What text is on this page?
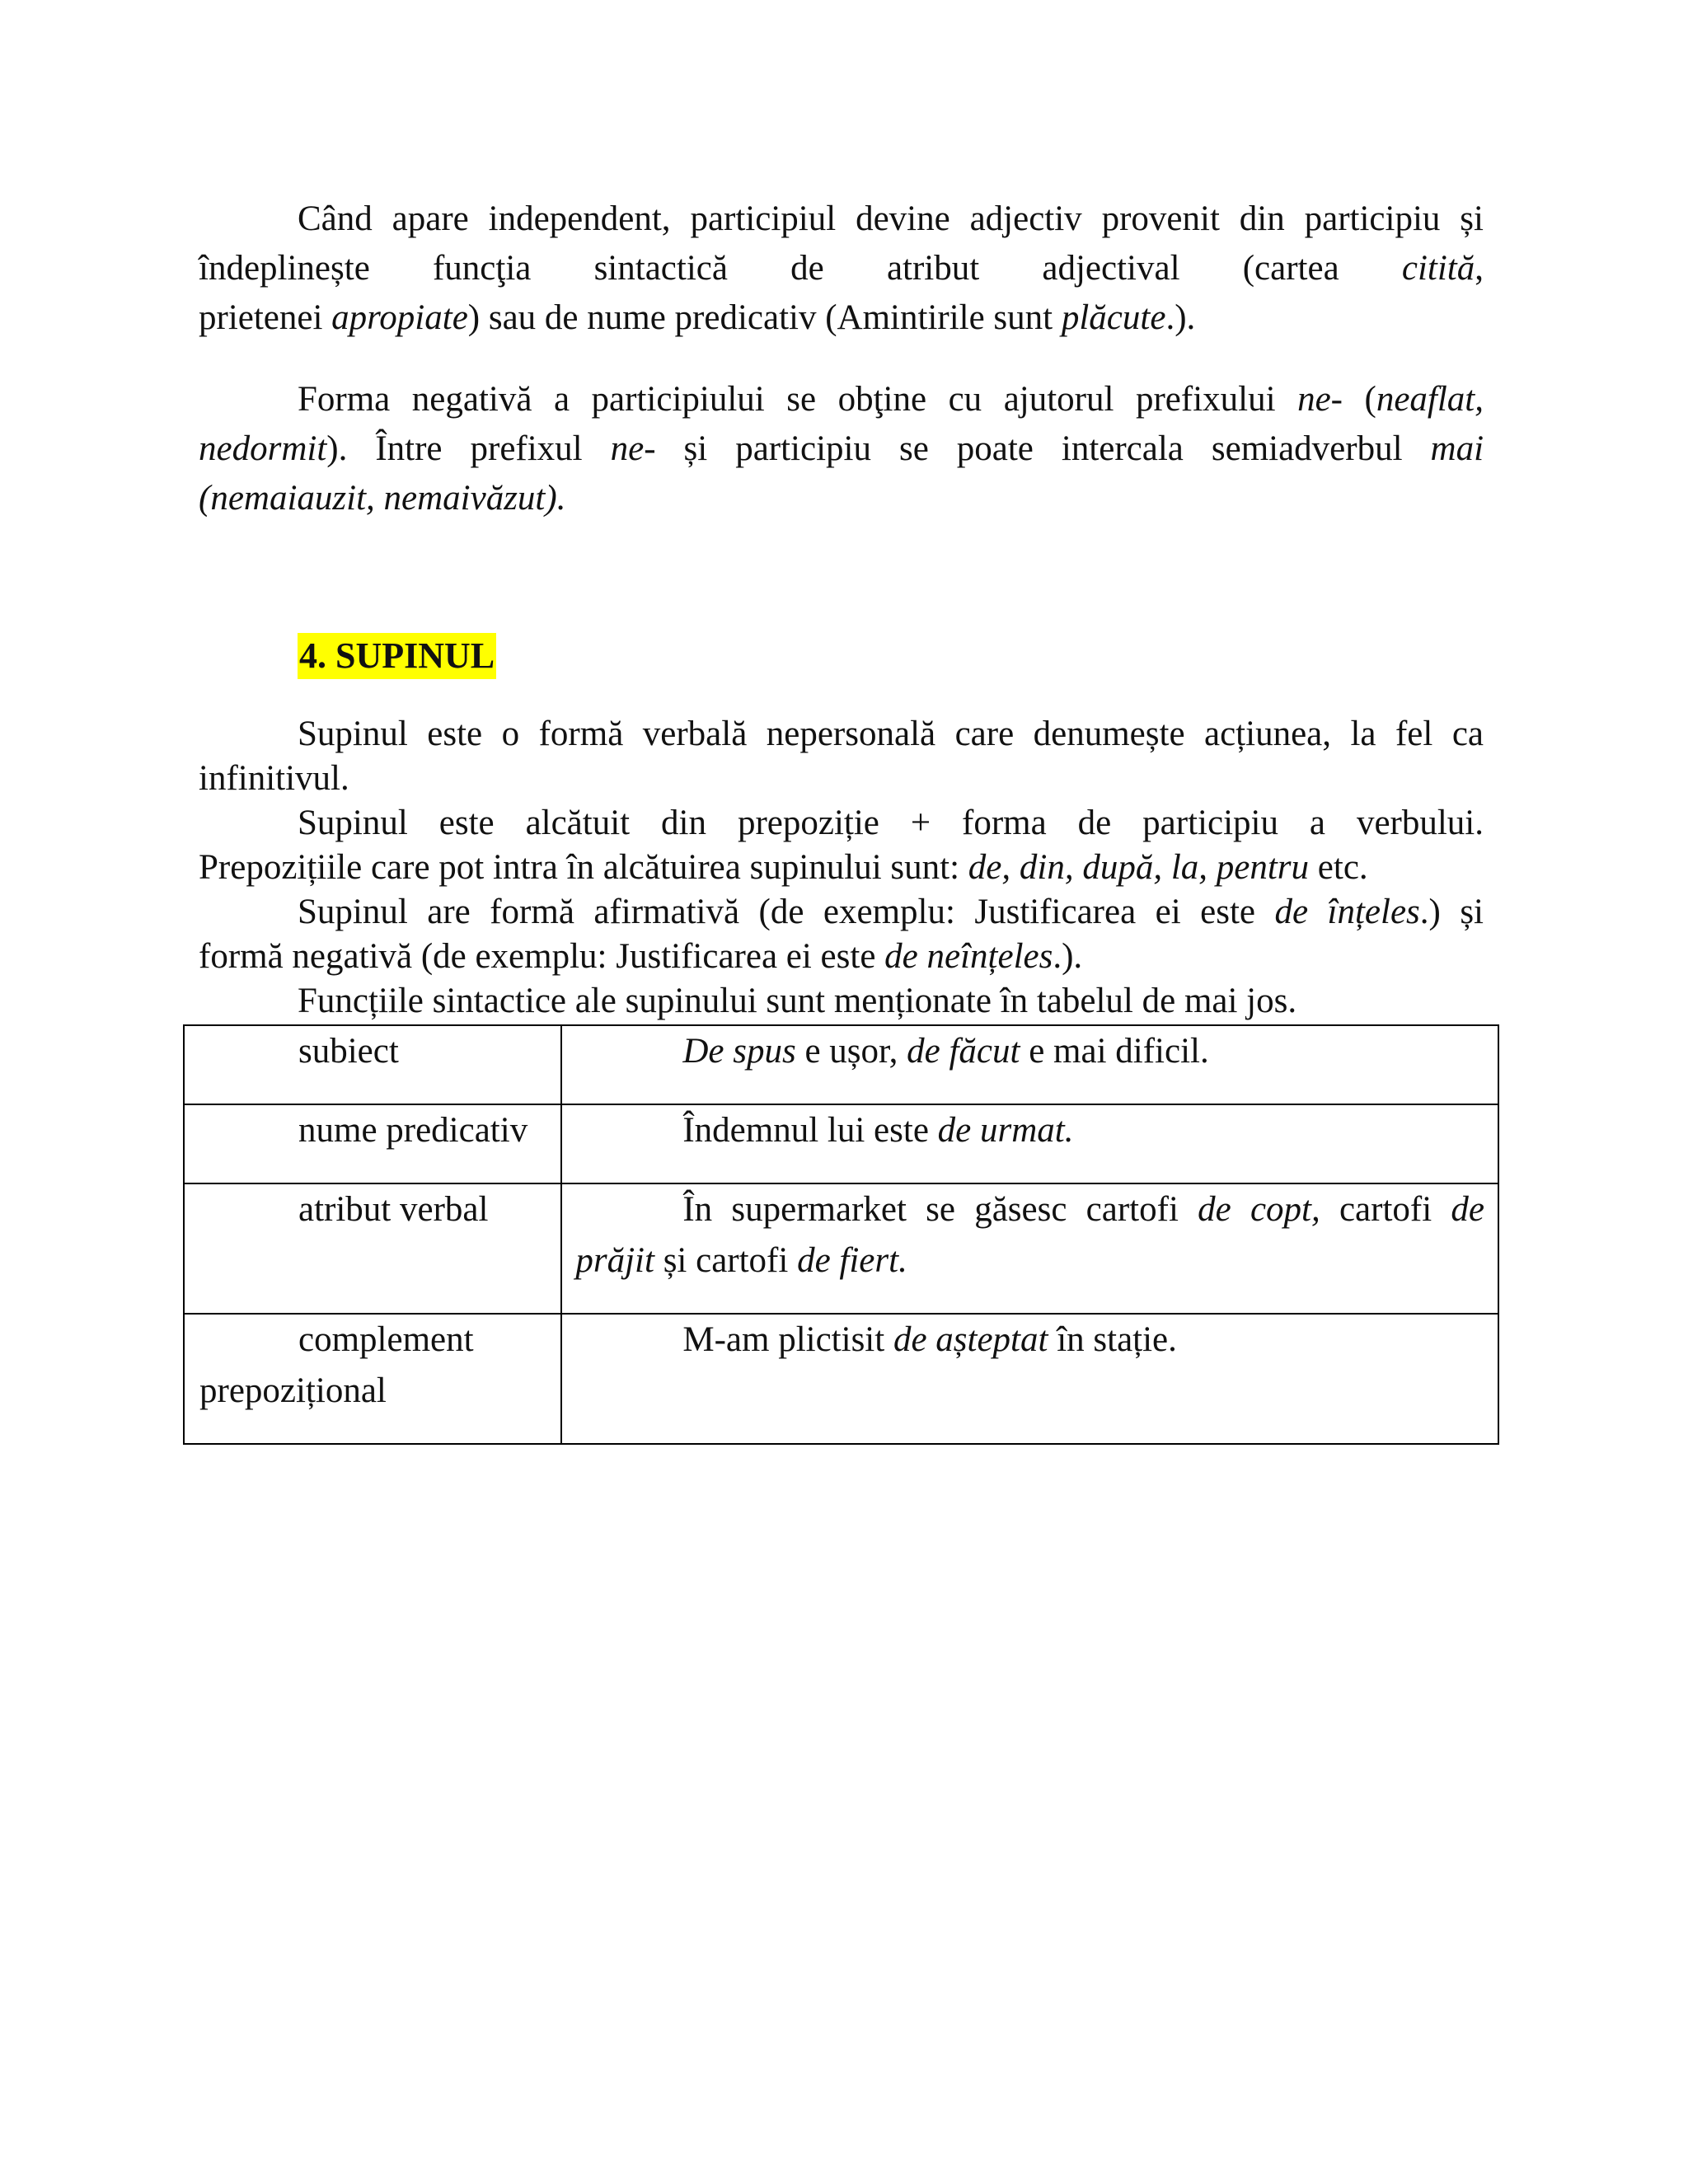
Când apare independent, participiul devine adjectiv provenit din participiu și
îndeplinește funcţia sintactică de atribut adjectival (cartea citită,
prietenei apropiate) sau de nume predicativ (Amintirile sunt plăcute.).
Forma negativă a participiului se obţine cu ajutorul prefixului ne- (neaflat,
nedormit). Între prefixul ne- și participiu se poate intercala semiadverbul mai
(nemaiauzit, nemaivăzut).
4. SUPINUL
Supinul este o formă verbală nepersonală care denumește acțiunea, la fel ca
infinitivul.
Supinul este alcătuit din prepoziție + forma de participiu a verbului.
Prepozițiile care pot intra în alcătuirea supinului sunt: de, din, după, la, pentru etc.
Supinul are formă afirmativă (de exemplu: Justificarea ei este de înțeles.) și
formă negativă (de exemplu: Justificarea ei este de neînțeles.).
Funcțiile sintactice ale supinului sunt menționate în tabelul de mai jos.
subiect	De spus e ușor, de făcut e mai dificil.

nume predicativ	Îndemnul lui este de urmat.

atribut verbal	În supermarket se găsesc cartofi de copt, cartofi de
prăjit și cartofi de fiert.

complement
prepozițional	M-am plictisit de așteptat în stație.
